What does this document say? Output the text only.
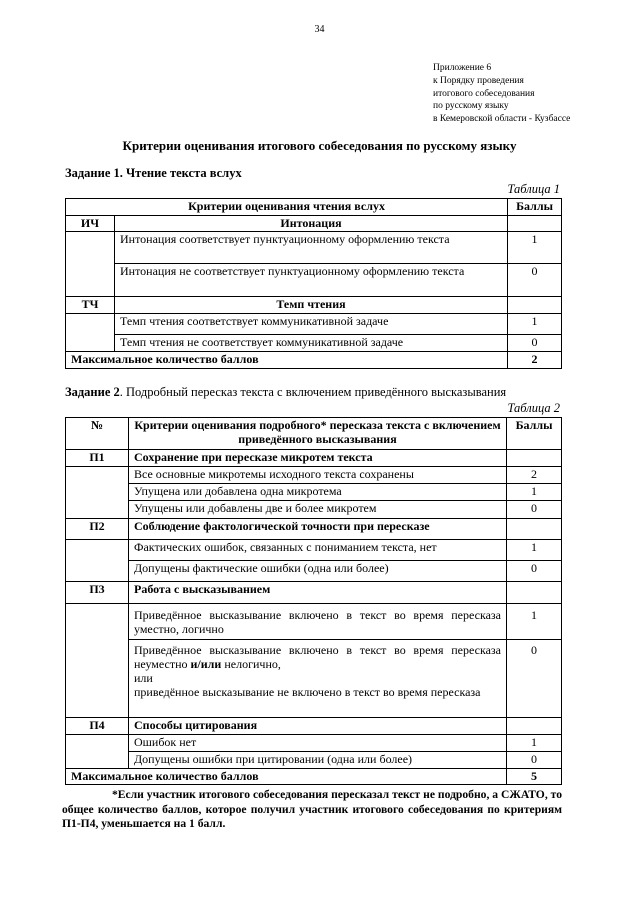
34
Приложение 6
к Порядку проведения
итогового собеседования
по русскому языку
в Кемеровской области - Кузбассе
Критерии оценивания итогового собеседования по русскому языку
Задание 1. Чтение текста вслух
Таблица 1
Критерии оценивания чтения вслух		Баллы
ИЧ	Интонация	
	Интонация соответствует пунктуационному оформлению текста	1
	Интонация не соответствует пунктуационному оформлению текста	0
ТЧ	Темп чтения	
	Темп чтения соответствует коммуникативной задаче	1
	Темп чтения не соответствует коммуникативной задаче	0
Максимальное количество баллов		2
Задание 2. Подробный пересказ текста с включением приведённого высказывания
Таблица 2
№	Критерии оценивания подробного* пересказа текста с включением приведённого высказывания	Баллы
П1	Сохранение при пересказе микротем текста	
	Все основные микротемы исходного текста сохранены	2
	Упущена или добавлена одна микротема	1
	Упущены или добавлены две и более микротем	0
П2	Соблюдение фактологической точности при пересказе	
	Фактических ошибок, связанных с пониманием текста, нет	1
	Допущены фактические ошибки (одна или более)	0
П3	Работа с высказыванием	
	Приведённое высказывание включено в текст во время пересказа уместно, логично	1
	Приведённое высказывание включено в текст во время пересказа неуместно и/или нелогично,
или
приведённое высказывание не включено в текст во время пересказа	0
П4	Способы цитирования	
	Ошибок нет	1
	Допущены ошибки при цитировании (одна или более)	0
Максимальное количество баллов		5
*Если участник итогового собеседования пересказал текст не подробно, а СЖАТО, то общее количество баллов, которое получил участник итогового собеседования по критериям П1-П4, уменьшается на 1 балл.
